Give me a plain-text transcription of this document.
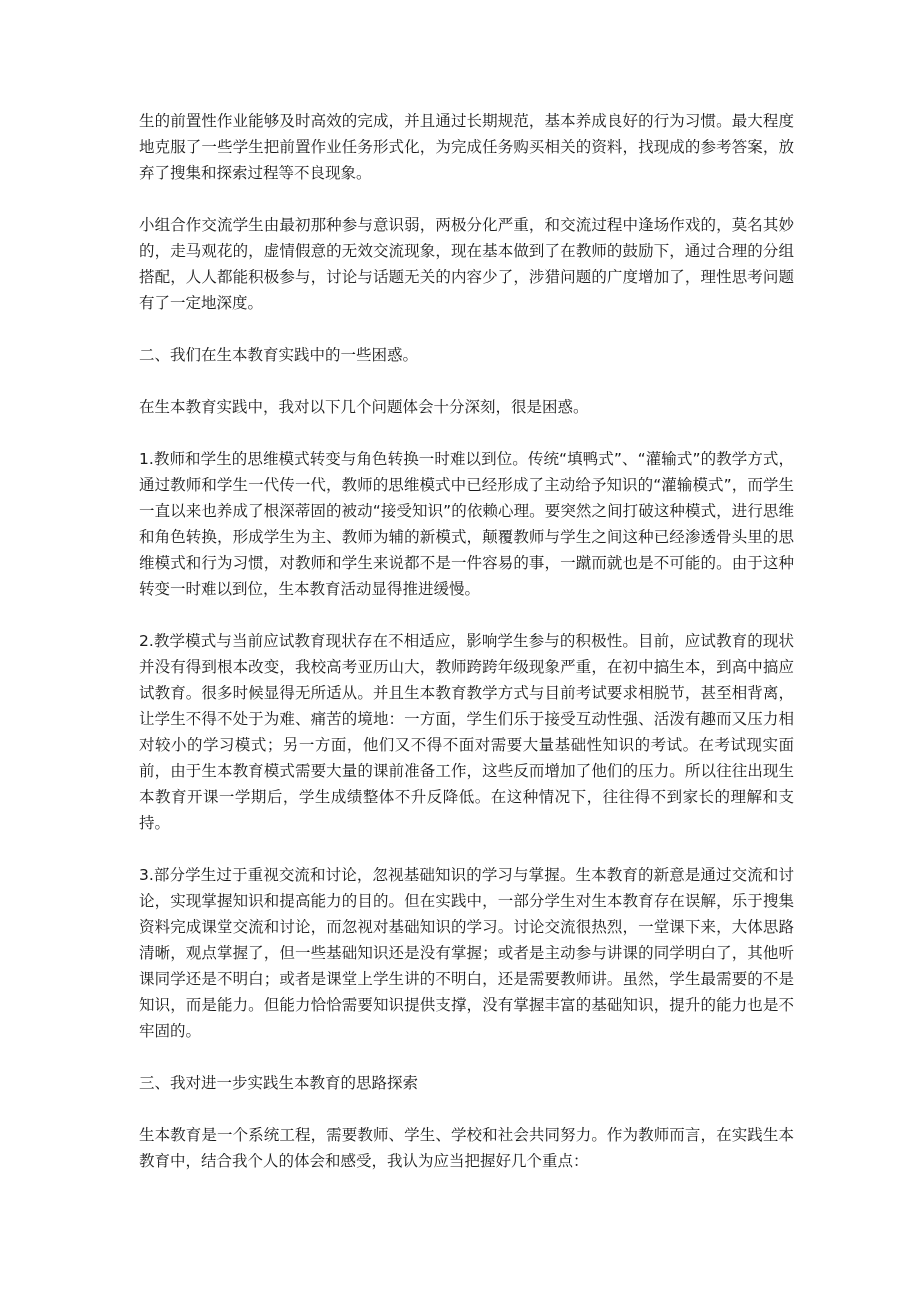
生的前置性作业能够及时高效的完成，并且通过长期规范，基本养成良好的行为习惯。最大程度地克服了一些学生把前置作业任务形式化，为完成任务购买相关的资料，找现成的参考答案，放弃了搜集和探索过程等不良现象。

小组合作交流学生由最初那种参与意识弱，两极分化严重，和交流过程中逢场作戏的，莫名其妙的，走马观花的，虚情假意的无效交流现象，现在基本做到了在教师的鼓励下，通过合理的分组搭配，人人都能积极参与，讨论与话题无关的内容少了，涉猎问题的广度增加了，理性思考问题有了一定地深度。

二、我们在生本教育实践中的一些困惑。

在生本教育实践中，我对以下几个问题体会十分深刻，很是困惑。

1.教师和学生的思维模式转变与角色转换一时难以到位。传统“填鸭式”、“灌输式”的教学方式，通过教师和学生一代传一代，教师的思维模式中已经形成了主动给予知识的“灌输模式”，而学生一直以来也养成了根深蒂固的被动“接受知识”的依赖心理。要突然之间打破这种模式，进行思维和角色转换，形成学生为主、教师为辅的新模式，颠覆教师与学生之间这种已经渗透骨头里的思维模式和行为习惯，对教师和学生来说都不是一件容易的事，一蹴而就也是不可能的。由于这种转变一时难以到位，生本教育活动显得推进缓慢。

2.教学模式与当前应试教育现状存在不相适应，影响学生参与的积极性。目前，应试教育的现状并没有得到根本改变，我校高考亚历山大，教师跨跨年级现象严重，在初中搞生本，到高中搞应试教育。很多时候显得无所适从。并且生本教育教学方式与目前考试要求相脱节，甚至相背离，让学生不得不处于为难、痛苦的境地：一方面，学生们乐于接受互动性强、活泼有趣而又压力相对较小的学习模式；另一方面，他们又不得不面对需要大量基础性知识的考试。在考试现实面前，由于生本教育模式需要大量的课前准备工作，这些反而增加了他们的压力。所以往往出现生本教育开课一学期后，学生成绩整体不升反降低。在这种情况下，往往得不到家长的理解和支持。

3.部分学生过于重视交流和讨论，忽视基础知识的学习与掌握。生本教育的新意是通过交流和讨论，实现掌握知识和提高能力的目的。但在实践中，一部分学生对生本教育存在误解，乐于搜集资料完成课堂交流和讨论，而忽视对基础知识的学习。讨论交流很热烈，一堂课下来，大体思路清晰，观点掌握了，但一些基础知识还是没有掌握；或者是主动参与讲课的同学明白了，其他听课同学还是不明白；或者是课堂上学生讲的不明白，还是需要教师讲。虽然，学生最需要的不是知识，而是能力。但能力恰恰需要知识提供支撑，没有掌握丰富的基础知识，提升的能力也是不牢固的。

三、我对进一步实践生本教育的思路探索

生本教育是一个系统工程，需要教师、学生、学校和社会共同努力。作为教师而言，在实践生本教育中，结合我个人的体会和感受，我认为应当把握好几个重点：
